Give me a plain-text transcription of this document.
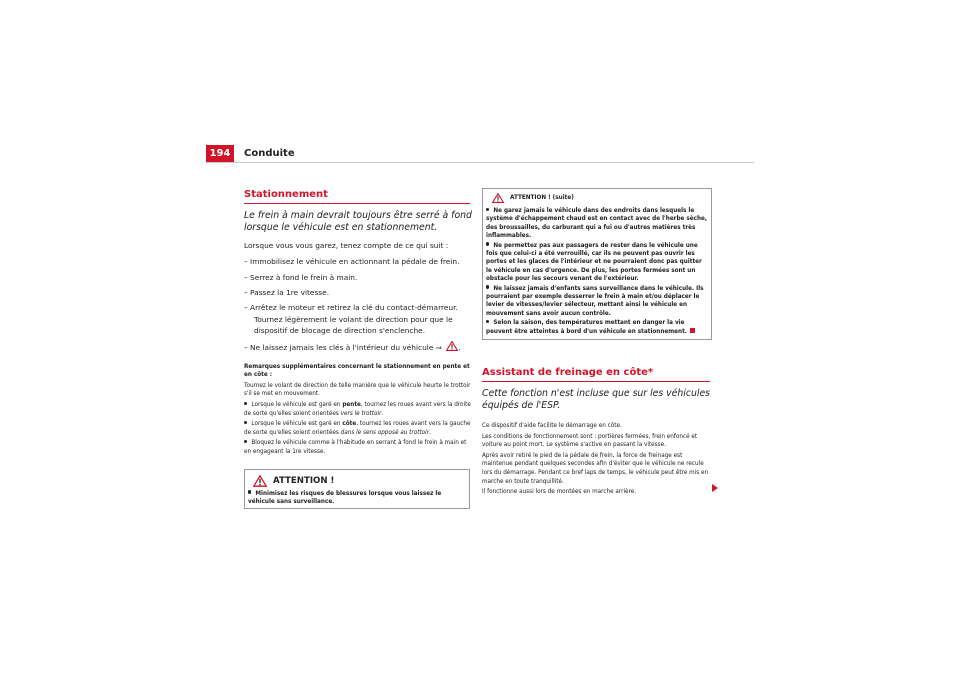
194	Conduite
Stationnement
Le frein à main devrait toujours être serré à fond lorsque le véhicule est en stationnement.
Lorsque vous vous garez, tenez compte de ce qui suit :
– Immobilisez le véhicule en actionnant la pédale de frein.
– Serrez à fond le frein à main.
– Passez la 1re vitesse.
– Arrêtez le moteur et retirez la clé du contact-démarreur. Tournez légèrement le volant de direction pour que le dispositif de blocage de direction s'enclenche.
– Ne laissez jamais les clés à l'intérieur du véhicule ⇒ .
Remarques supplémentaires concernant le stationnement en pente et en côte :
Tournez le volant de direction de telle manière que le véhicule heurte le trottoir s'il se met en mouvement.
Lorsque le véhicule est garé en pente, tournez les roues avant vers la droite de sorte qu'elles soient orientées vers le trottoir.
Lorsque le véhicule est garé en côte, tournez les roues avant vers la gauche de sorte qu'elles soient orientées dans le sens opposé au trottoir.
Bloquez le véhicule comme à l'habitude en serrant à fond le frein à main et en engageant la 1re vitesse.
ATTENTION !
Minimisez les risques de blessures lorsque vous laissez le véhicule sans surveillance.
ATTENTION ! (suite)
Ne garez jamais le véhicule dans des endroits dans lesquels le système d'échappement chaud est en contact avec de l'herbe sèche, des broussailles, du carburant qui a fui ou d'autres matières très inflammables.
Ne permettez pas aux passagers de rester dans le véhicule une fois que celui-ci a été verrouillé, car ils ne peuvent pas ouvrir les portes et les glaces de l'intérieur et ne pourraient donc pas quitter le véhicule en cas d'urgence. De plus, les portes fermées sont un obstacle pour les secours venant de l'extérieur.
Ne laissez jamais d'enfants sans surveillance dans le véhicule. Ils pourraient par exemple desserrer le frein à main et/ou déplacer le levier de vitesses/levier sélecteur, mettant ainsi le véhicule en mouvement sans avoir aucun contrôle.
Selon la saison, des températures mettant en danger la vie peuvent être atteintes à bord d'un véhicule en stationnement.
Assistant de freinage en côte*
Cette fonction n'est incluse que sur les véhicules équipés de l'ESP.
Ce dispositif d'aide facilite le démarrage en côte.
Les conditions de fonctionnement sont : portières fermées, frein enfoncé et voiture au point mort. Le système s'active en passant la vitesse.
Après avoir retiré le pied de la pédale de frein, la force de freinage est maintenue pendant quelques secondes afin d'éviter que le véhicule ne recule lors du démarrage. Pendant ce bref laps de temps, le véhicule peut être mis en marche en toute tranquillité.
Il fonctionne aussi lors de montées en marche arrière.
